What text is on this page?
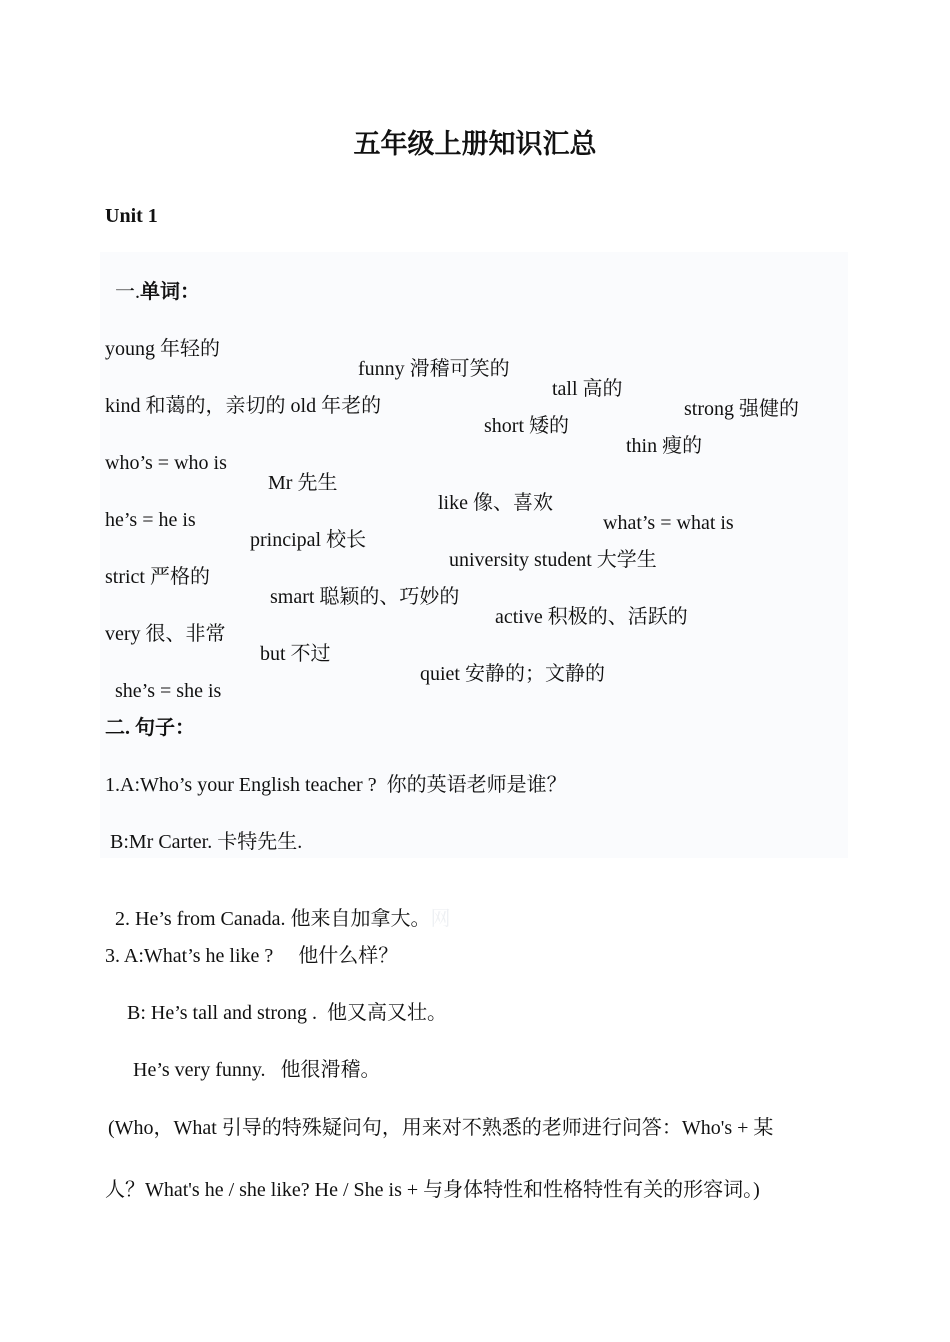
五年级上册知识汇总
Unit 1

一.单词：

young 年轻的

funny 滑稽可笑的

tall 高的

strong 强健的

kind 和蔼的，亲切的 old 年老的

short 矮的

thin 瘦的

who’s = who is

Mr 先生

like 像、喜欢

what’s = what is

he’s = he is

principal 校长

university student 大学生

strict 严格的

smart 聪颖的、巧妙的

active 积极的、活跃的

very 很、非常

but 不过

quiet 安静的；文静的

she’s = she is

二. 句子：
1.A:Who’s your English teacher ?  你的英语老师是谁？
B:Mr Carter. 卡特先生.

2. He’s from Canada. 他来自加拿大。网

3. A:What’s he like ?     他什么样？
B: He’s tall and strong .  他又高又壮。
He’s very funny.   他很滑稽。
(Who，What 引导的特殊疑问句，用来对不熟悉的老师进行问答：Who's + 某
人？What's he / she like? He / She is + 与身体特性和性格特性有关的形容词。)
